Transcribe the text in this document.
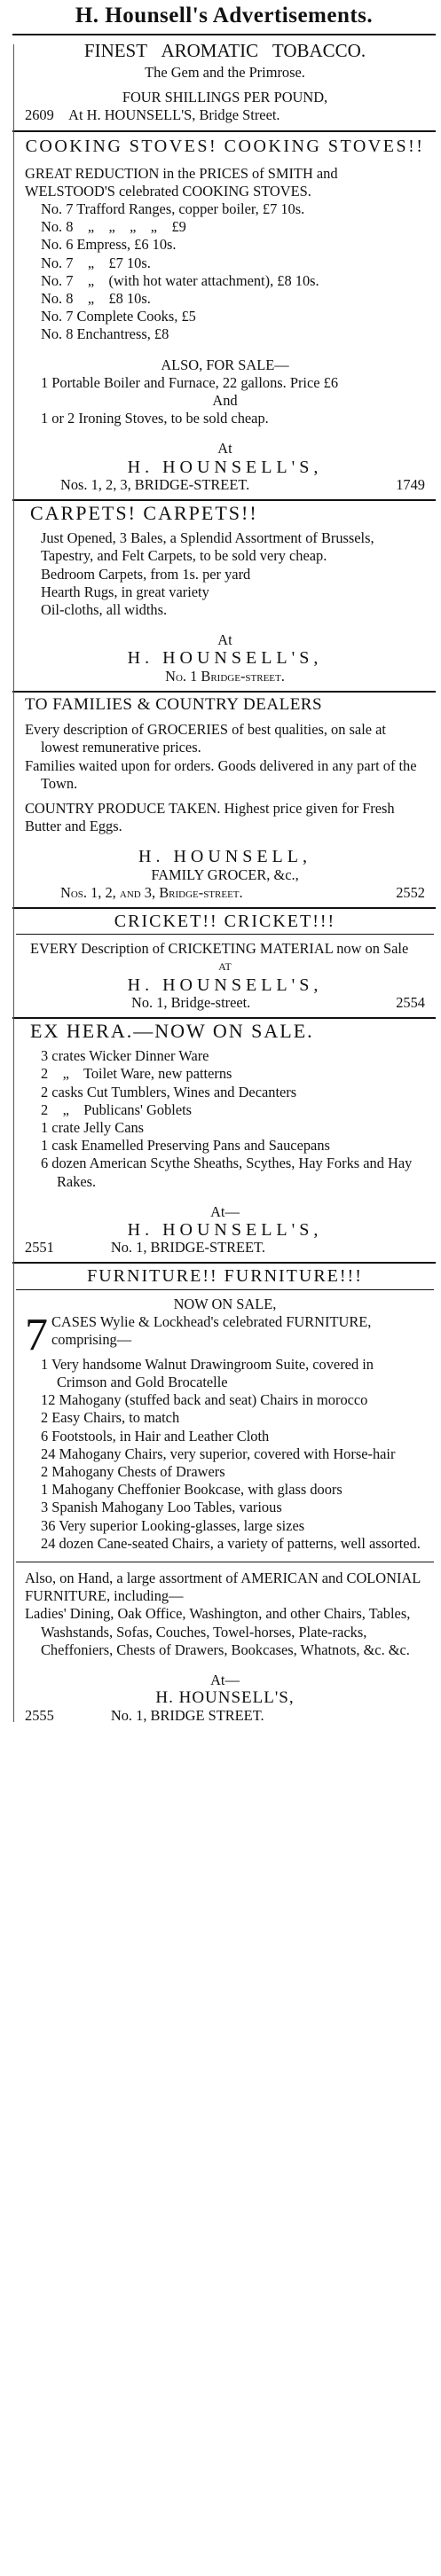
H. Hounsell's Advertisements.
FINEST AROMATIC TOBACCO.
The Gem and the Primrose.
FOUR SHILLINGS PER POUND,
2609 At H. HOUNSELL'S, Bridge Street.
COOKING STOVES! COOKING STOVES!!
GREAT REDUCTION in the PRICES of SMITH and WELSTOOD'S celebrated COOKING STOVES.
No. 7 Trafford Ranges, copper boiler, £7 10s.
No. 8    „    „    „    „    £9
No. 6 Empress, £6 10s.
No. 7    „    £7 10s.
No. 7    „    (with hot water attachment), £8 10s.
No. 8    „    £8 10s.
No. 7 Complete Cooks, £5
No. 8 Enchantress, £8
ALSO, FOR SALE—
1 Portable Boiler and Furnace, 22 gallons. Price £6
And
1 or 2 Ironing Stoves, to be sold cheap.
At
H. HOUNSELL'S,
Nos. 1, 2, 3, BRIDGE-STREET.	1749
CARPETS! CARPETS!!
Just Opened, 3 Bales, a Splendid Assortment of Brussels, Tapestry, and Felt Carpets, to be sold very cheap.
Bedroom Carpets, from 1s. per yard
Hearth Rugs, in great variety
Oil-cloths, all widths.
At
H. HOUNSELL'S,
No. 1 Bridge-street.
TO FAMILIES & COUNTRY DEALERS
Every description of GROCERIES of best qualities, on sale at lowest remunerative prices.
Families waited upon for orders. Goods delivered in any part of the Town.
COUNTRY PRODUCE TAKEN. Highest price given for Fresh Butter and Eggs.
H. HOUNSELL,
FAMILY GROCER, &c.,
Nos. 1, 2, and 3, Bridge-street.	2552
CRICKET!! CRICKET!!!
EVERY Description of CRICKETING MATERIAL now on Sale
AT
H. HOUNSELL'S,
No. 1, Bridge-street.	2554
EX HERA.—NOW ON SALE.
3 crates Wicker Dinner Ware
2    „    Toilet Ware, new patterns
2 casks Cut Tumblers, Wines and Decanters
2    „    Publicans' Goblets
1 crate Jelly Cans
1 cask Enamelled Preserving Pans and Saucepans
6 dozen American Scythe Sheaths, Scythes, Hay Forks and Hay Rakes.
At—
H. HOUNSELL'S,
2551	No. 1, BRIDGE-STREET.
FURNITURE!! FURNITURE!!!
NOW ON SALE,
7 CASES Wylie & Lockhead's celebrated FURNITURE, comprising—
1 Very handsome Walnut Drawingroom Suite, covered in Crimson and Gold Brocatelle
12 Mahogany (stuffed back and seat) Chairs in morocco
2 Easy Chairs, to match
6 Footstools, in Hair and Leather Cloth
24 Mahogany Chairs, very superior, covered with Horse-hair
2 Mahogany Chests of Drawers
1 Mahogany Cheffonier Bookcase, with glass doors
3 Spanish Mahogany Loo Tables, various
36 Very superior Looking-glasses, large sizes
24 dozen Cane-seated Chairs, a variety of patterns, well assorted.
Also, on Hand, a large assortment of AMERICAN and COLONIAL FURNITURE, including—
Ladies' Dining, Oak Office, Washington, and other Chairs, Tables, Washstands, Sofas, Couches, Towel-horses, Plate-racks, Cheffoniers, Chests of Drawers, Bookcases, Whatnots, &c. &c.
At—
H. HOUNSELL'S,
2555	No. 1, BRIDGE STREET.
